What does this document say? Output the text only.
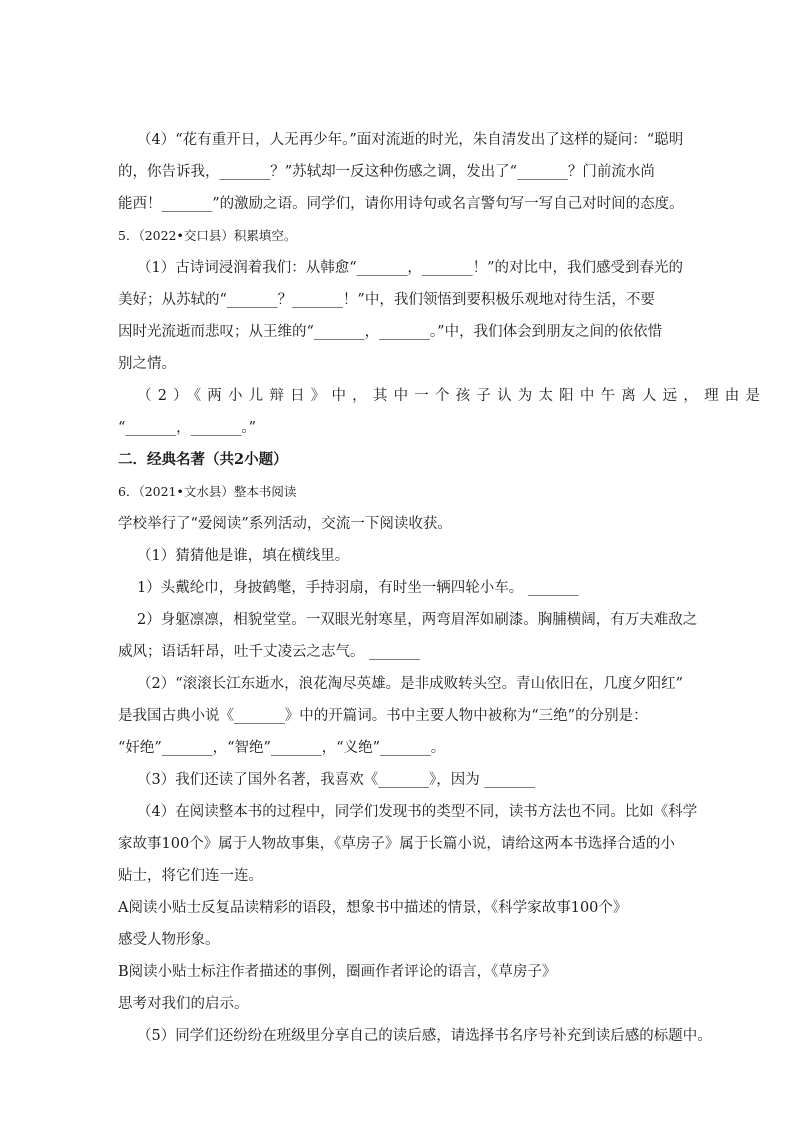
（4）“花有重开日，人无再少年。”面对流逝的时光，朱自清发出了这样的疑问：“聪明
的，你告诉我，_______？”苏轼却一反这种伤感之调，发出了“_______？门前流水尚
能西！_______”的激励之语。同学们，请你用诗句或名言警句写一写自己对时间的态度。
5．（2022•交口县）积累填空。
（1）古诗词浸润着我们：从韩愈“_______，_______！”的对比中，我们感受到春光的
美好；从苏轼的“_______？_______！”中，我们领悟到要积极乐观地对待生活，不要
因时光流逝而悲叹；从王维的“_______，_______。”中，我们体会到朋友之间的依依惜
别之情。
（2）《两小儿辩日》中，其中一个孩子认为太阳中午离人远，理由是
“_______，_______。”
二．经典名著（共2小题）
6．（2021•文水县）整本书阅读
学校举行了“爱阅读”系列活动，交流一下阅读收获。
（1）猜猜他是谁，填在横线里。
1）头戴纶巾，身披鹤氅，手持羽扇，有时坐一辆四轮小车。 _______
2）身躯凛凛，相貌堂堂。一双眼光射寒星，两弯眉浑如刷漆。胸脯横阔，有万夫难敌之
威风；语话轩昂，吐千丈凌云之志气。 _______
（2）“滚滚长江东逝水，浪花淘尽英雄。是非成败转头空。青山依旧在，几度夕阳红”
是我国古典小说《_______》中的开篇词。书中主要人物中被称为“三绝”的分别是：
“奸绝”_______，“智绝”_______，“义绝”_______。
（3）我们还读了国外名著，我喜欢《_______》，因为 _______
（4）在阅读整本书的过程中，同学们发现书的类型不同，读书方法也不同。比如《科学
家故事100个》属于人物故事集，《草房子》属于长篇小说，请给这两本书选择合适的小
贴士，将它们连一连。
A阅读小贴士反复品读精彩的语段，想象书中描述的情景，《科学家故事100个》
感受人物形象。
B阅读小贴士标注作者描述的事例，圈画作者评论的语言，《草房子》
思考对我们的启示。
（5）同学们还纷纷在班级里分享自己的读后感，请选择书名序号补充到读后感的标题中。
